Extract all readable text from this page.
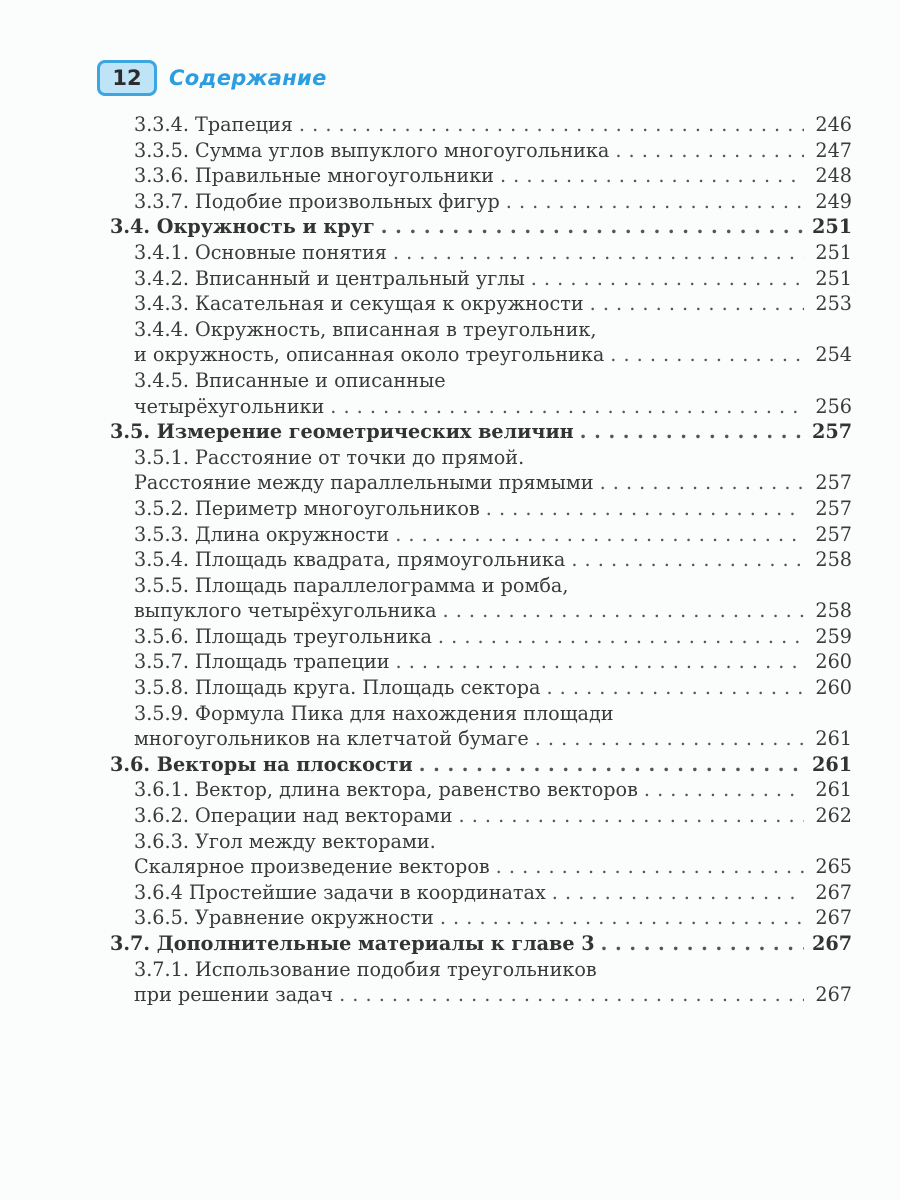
12	Содержание
3.3.4. Трапеция . . .	246
3.3.5. Сумма углов выпуклого многоугольника . . .	247
3.3.6. Правильные многоугольники . . .	248
3.3.7. Подобие произвольных фигур . . .	249
3.4. Окружность и круг . . .	251
3.4.1. Основные понятия . . .	251
3.4.2. Вписанный и центральный углы . . .	251
3.4.3. Касательная и секущая к окружности . . .	253
3.4.4. Окружность, вписанная в треугольник,
и окружность, описанная около треугольника . . .	254
3.4.5. Вписанные и описанные
четырёхугольники . . .	256
3.5. Измерение геометрических величин . . .	257
3.5.1. Расстояние от точки до прямой.
Расстояние между параллельными прямыми . . .	257
3.5.2. Периметр многоугольников . . .	257
3.5.3. Длина окружности . . .	257
3.5.4. Площадь квадрата, прямоугольника . . .	258
3.5.5. Площадь параллелограмма и ромба,
выпуклого четырёхугольника . . .	258
3.5.6. Площадь треугольника . . .	259
3.5.7. Площадь трапеции . . .	260
3.5.8. Площадь круга. Площадь сектора . . .	260
3.5.9. Формула Пика для нахождения площади
многоугольников на клетчатой бумаге . . .	261
3.6. Векторы на плоскости . . .	261
3.6.1. Вектор, длина вектора, равенство векторов . . .	261
3.6.2. Операции над векторами . . .	262
3.6.3. Угол между векторами.
Скалярное произведение векторов . . .	265
3.6.4 Простейшие задачи в координатах . . .	267
3.6.5. Уравнение окружности . . .	267
3.7. Дополнительные материалы к главе 3 . . .	267
3.7.1. Использование подобия треугольников
при решении задач . . .	267
